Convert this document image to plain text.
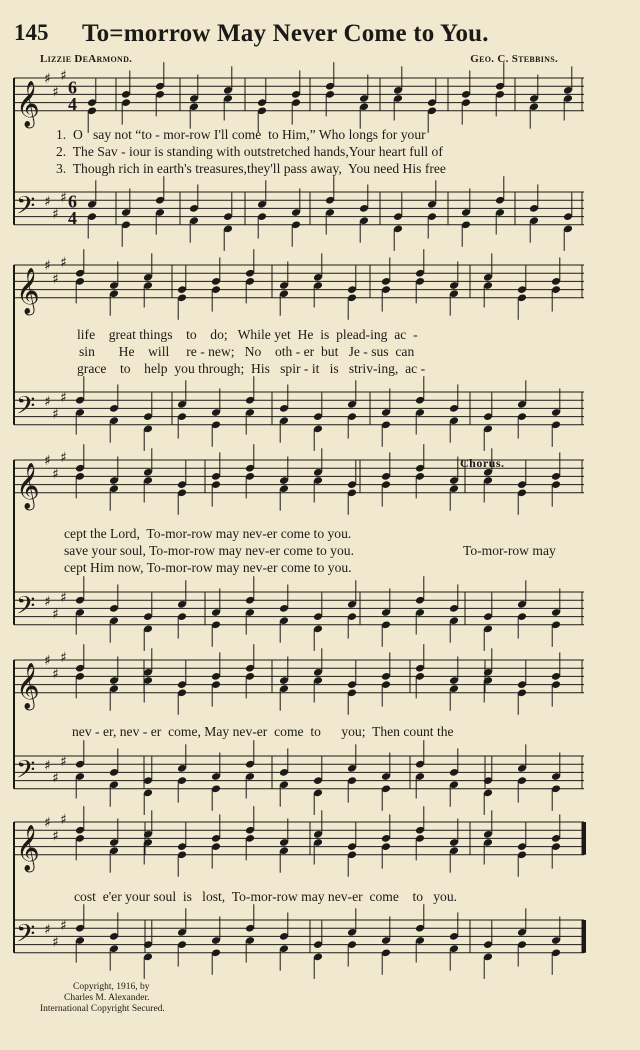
145 To=morrow May Never Come to You.
Lizzie DeArmond.	Geo. C. Stebbins.
𝄞
♯
♯
♯
6
4
𝄢 ♯
♯
♯ 6
4
𝄞
♯
♯
♯
𝄢 ♯
♯
♯
𝄞
♯
♯
♯
𝄢 ♯
♯
♯
𝄞
♯
♯
♯
𝄢 ♯
♯
♯
𝄞
♯
♯
♯
𝄢 ♯
♯
♯
1.  O   say not “to - mor-row I'll come  to Him,” Who longs for your
2.  The Sav - iour is standing with outstretched hands,Your heart full of
3.  Though rich in earth's treasures,they'll pass away,  You need His free
life    great things    to    do;   While yet  He  is  plead-ing  ac  -
sin       He    will     re - new;   No    oth - er  but   Je - sus  can
grace    to    help  you through;  His   spir - it   is   striv-ing,  ac -
Chorus.
cept the Lord,  To-mor-row may nev-er come to you.
save your soul, To-mor-row may nev-er come to you.
cept Him now, To-mor-row may nev-er come to you.
To-mor-row may
nev - er, nev - er  come, May nev-er  come  to      you;  Then count the
cost  e'er your soul  is   lost,  To-mor-row may nev-er  come    to   you.
Copyright, 1916, by
Charles M. Alexander.
International Copyright Secured.
